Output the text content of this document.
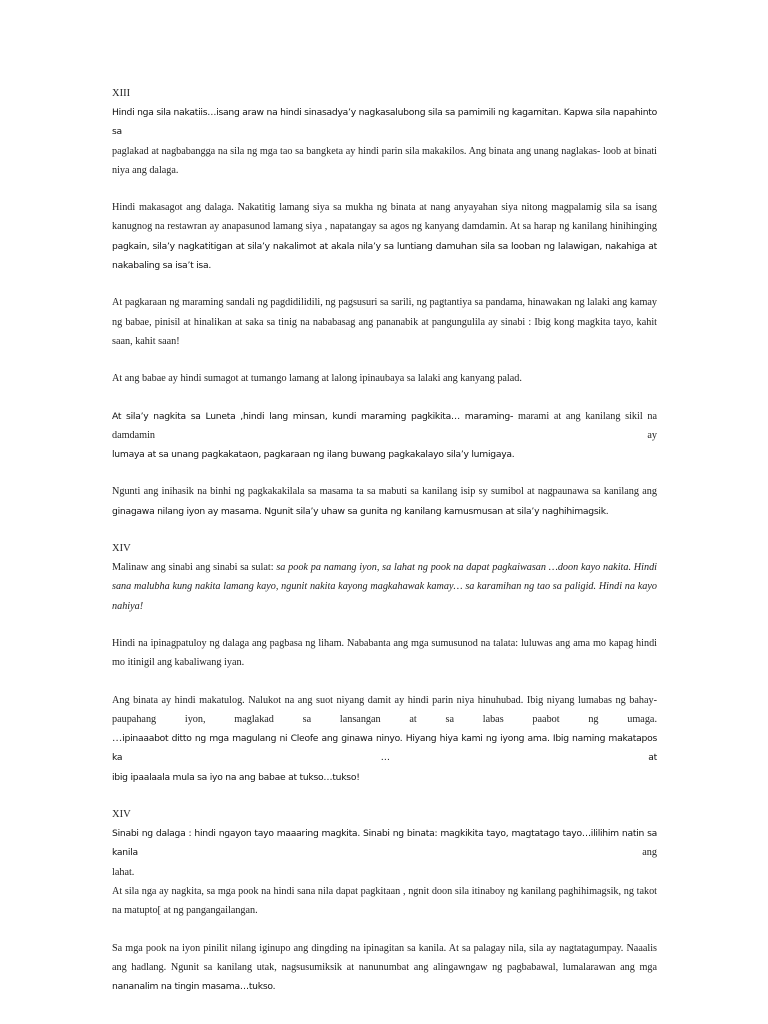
XIII
Hindi nga sila nakatiis…isang araw na hindi sinasadya’y nagkasalubong sila sa pamimili ng kagamitan. Kapwa sila napahinto sa
paglakad at nagbabangga na sila ng mga tao sa bangketa ay hindi parin sila makakilos. Ang binata ang unang naglakas- loob at binati
niya ang dalaga.
Hindi makasagot ang dalaga. Nakatitig lamang siya sa mukha ng binata at nang anyayahan siya nitong magpalamig sila sa isang
kanugnog na restawran ay anapasunod lamang siya , napatangay sa agos ng kanyang damdamin. At sa harap ng kanilang hinihinging
pagkain, sila’y nagkatitigan at sila’y nakalimot at akala nila’y sa luntiang damuhan sila sa looban ng lalawigan, nakahiga at
nakabaling sa isa’t isa.
At pagkaraan ng maraming sandali ng pagdidilidili, ng pagsusuri sa sarili, ng pagtantiya sa pandama, hinawakan ng lalaki ang kamay
ng babae, pinisil at hinalikan at saka sa tinig na nababasag ang pananabik at pangungulila ay sinabi : Ibig kong magkita tayo, kahit
saan, kahit saan!
At ang babae ay hindi sumagot at tumango lamang at lalong ipinaubaya sa lalaki ang kanyang palad.
At sila’y nagkita sa Luneta ,hindi lang minsan, kundi maraming pagkikita… maraming- marami at ang kanilang sikil na damdamin ay
lumaya at sa unang pagkakataon, pagkaraan ng ilang buwang pagkakalayo sila’y lumigaya.
Ngunti ang inihasik na binhi ng pagkakakilala sa masama ta sa mabuti sa kanilang isip sy sumibol at nagpaunawa sa kanilang ang
ginagawa nilang iyon ay masama. Ngunit sila’y uhaw sa gunita ng kanilang kamusmusan at sila’y naghihimagsik.
XIV
Malinaw ang sinabi ang sinabi sa sulat: sa pook pa namang iyon, sa lahat ng pook na dapat pagkaiwasan …doon kayo nakita. Hindi
sana malubha kung nakita lamang kayo, ngunit nakita kayong magkahawak kamay… sa karamihan ng tao sa paligid. Hindi na kayo
nahiya!
Hindi na ipinagpatuloy ng dalaga ang pagbasa ng liham. Nababanta ang mga sumusunod na talata: luluwas ang ama mo kapag hindi
mo itinigil ang kabaliwang iyan.
Ang binata ay hindi makatulog. Nalukot na ang suot niyang damit ay hindi parin niya hinuhubad. Ibig niyang lumabas ng bahay-
paupahang iyon, maglakad sa lansangan at sa labas paabot ng umaga.
…ipinaaabot ditto ng mga magulang ni Cleofe ang ginawa ninyo. Hiyang hiya kami ng iyong ama. Ibig naming makatapos ka … at
ibig ipaalaala mula sa iyo na ang babae at tukso…tukso!
XIV
Sinabi ng dalaga : hindi ngayon tayo maaaring magkita. Sinabi ng binata: magkikita tayo, magtatago tayo…ililihim natin sa kanila ang
lahat.
At sila nga ay nagkita, sa mga pook na hindi sana nila dapat pagkitaan , ngnit doon sila itinaboy ng kanilang paghihimagsik, ng takot
na matupto[ at ng pangangailangan.
Sa mga pook na iyon pinilit nilang iginupo ang dingding na ipinagitan sa kanila. At sa palagay nila, sila ay nagtatagumpay. Naaalis
ang hadlang. Ngunit sa kanilang utak, nagsusumiksik at nanunumbat ang alingawngaw ng pagbabawal, lumalarawan ang mga
nananalim na tingin masama…tukso.
